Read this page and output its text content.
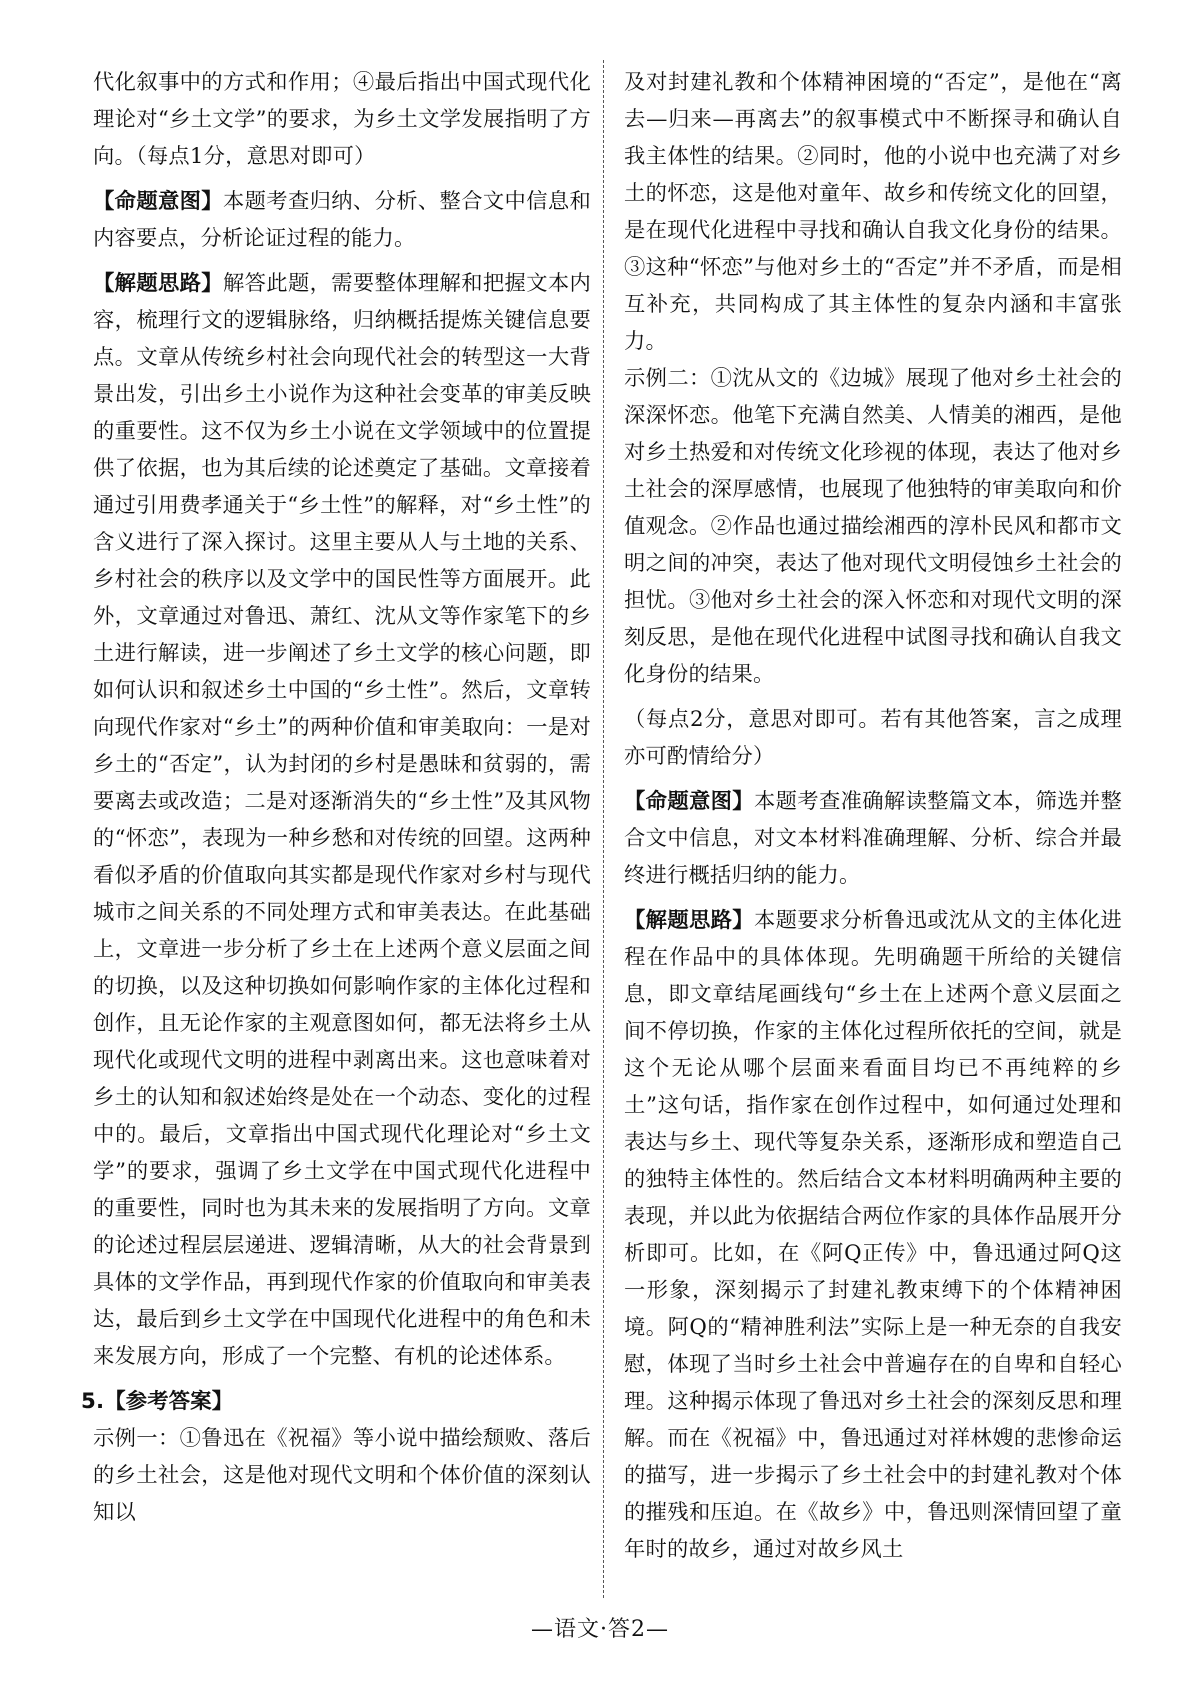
代化叙事中的方式和作用；④最后指出中国式现代化理论对“乡土文学”的要求，为乡土文学发展指明了方向。（每点1分，意思对即可）

【命题意图】本题考查归纳、分析、整合文中信息和内容要点，分析论证过程的能力。

【解题思路】解答此题，需要整体理解和把握文本内容，梳理行文的逻辑脉络，归纳概括提炼关键信息要点。文章从传统乡村社会向现代社会的转型这一大背景出发，引出乡土小说作为这种社会变革的审美反映的重要性。这不仅为乡土小说在文学领域中的位置提供了依据，也为其后续的论述奠定了基础。文章接着通过引用费孝通关于“乡土性”的解释，对“乡土性”的含义进行了深入探讨。这里主要从人与土地的关系、乡村社会的秩序以及文学中的国民性等方面展开。此外，文章通过对鲁迅、萧红、沈从文等作家笔下的乡土进行解读，进一步阐述了乡土文学的核心问题，即如何认识和叙述乡土中国的“乡土性”。然后，文章转向现代作家对“乡土”的两种价值和审美取向：一是对乡土的“否定”，认为封闭的乡村是愚昧和贫弱的，需要离去或改造；二是对逐渐消失的“乡土性”及其风物的“怀恋”，表现为一种乡愁和对传统的回望。这两种看似矛盾的价值取向其实都是现代作家对乡村与现代城市之间关系的不同处理方式和审美表达。在此基础上，文章进一步分析了乡土在上述两个意义层面之间的切换，以及这种切换如何影响作家的主体化过程和创作，且无论作家的主观意图如何，都无法将乡土从现代化或现代文明的进程中剥离出来。这也意味着对乡土的认知和叙述始终是处在一个动态、变化的过程中的。最后，文章指出中国式现代化理论对“乡土文学”的要求，强调了乡土文学在中国式现代化进程中的重要性，同时也为其未来的发展指明了方向。文章的论述过程层层递进、逻辑清晰，从大的社会背景到具体的文学作品，再到现代作家的价值取向和审美表达，最后到乡土文学在中国现代化进程中的角色和未来发展方向，形成了一个完整、有机的论述体系。

5.【参考答案】

示例一：①鲁迅在《祝福》等小说中描绘颓败、落后的乡土社会，这是他对现代文明和个体价值的深刻认知以

及对封建礼教和个体精神困境的“否定”，是他在“离去—归来—再离去”的叙事模式中不断探寻和确认自我主体性的结果。②同时，他的小说中也充满了对乡土的怀恋，这是他对童年、故乡和传统文化的回望，是在现代化进程中寻找和确认自我文化身份的结果。③这种“怀恋”与他对乡土的“否定”并不矛盾，而是相互补充，共同构成了其主体性的复杂内涵和丰富张力。

示例二：①沈从文的《边城》展现了他对乡土社会的深深怀恋。他笔下充满自然美、人情美的湘西，是他对乡土热爱和对传统文化珍视的体现，表达了他对乡土社会的深厚感情，也展现了他独特的审美取向和价值观念。②作品也通过描绘湘西的淳朴民风和都市文明之间的冲突，表达了他对现代文明侵蚀乡土社会的担忧。③他对乡土社会的深入怀恋和对现代文明的深刻反思，是他在现代化进程中试图寻找和确认自我文化身份的结果。

（每点2分，意思对即可。若有其他答案，言之成理亦可酌情给分）

【命题意图】本题考查准确解读整篇文本，筛选并整合文中信息，对文本材料准确理解、分析、综合并最终进行概括归纳的能力。

【解题思路】本题要求分析鲁迅或沈从文的主体化进程在作品中的具体体现。先明确题干所给的关键信息，即文章结尾画线句“乡土在上述两个意义层面之间不停切换，作家的主体化过程所依托的空间，就是这个无论从哪个层面来看面目均已不再纯粹的乡土”这句话，指作家在创作过程中，如何通过处理和表达与乡土、现代等复杂关系，逐渐形成和塑造自己的独特主体性的。然后结合文本材料明确两种主要的表现，并以此为依据结合两位作家的具体作品展开分析即可。比如，在《阿Q正传》中，鲁迅通过阿Q这一形象，深刻揭示了封建礼教束缚下的个体精神困境。阿Q的“精神胜利法”实际上是一种无奈的自我安慰，体现了当时乡土社会中普遍存在的自卑和自轻心理。这种揭示体现了鲁迅对乡土社会的深刻反思和理解。而在《祝福》中，鲁迅通过对祥林嫂的悲惨命运的描写，进一步揭示了乡土社会中的封建礼教对个体的摧残和压迫。在《故乡》中，鲁迅则深情回望了童年时的故乡，通过对故乡风土

—语文·答2—
